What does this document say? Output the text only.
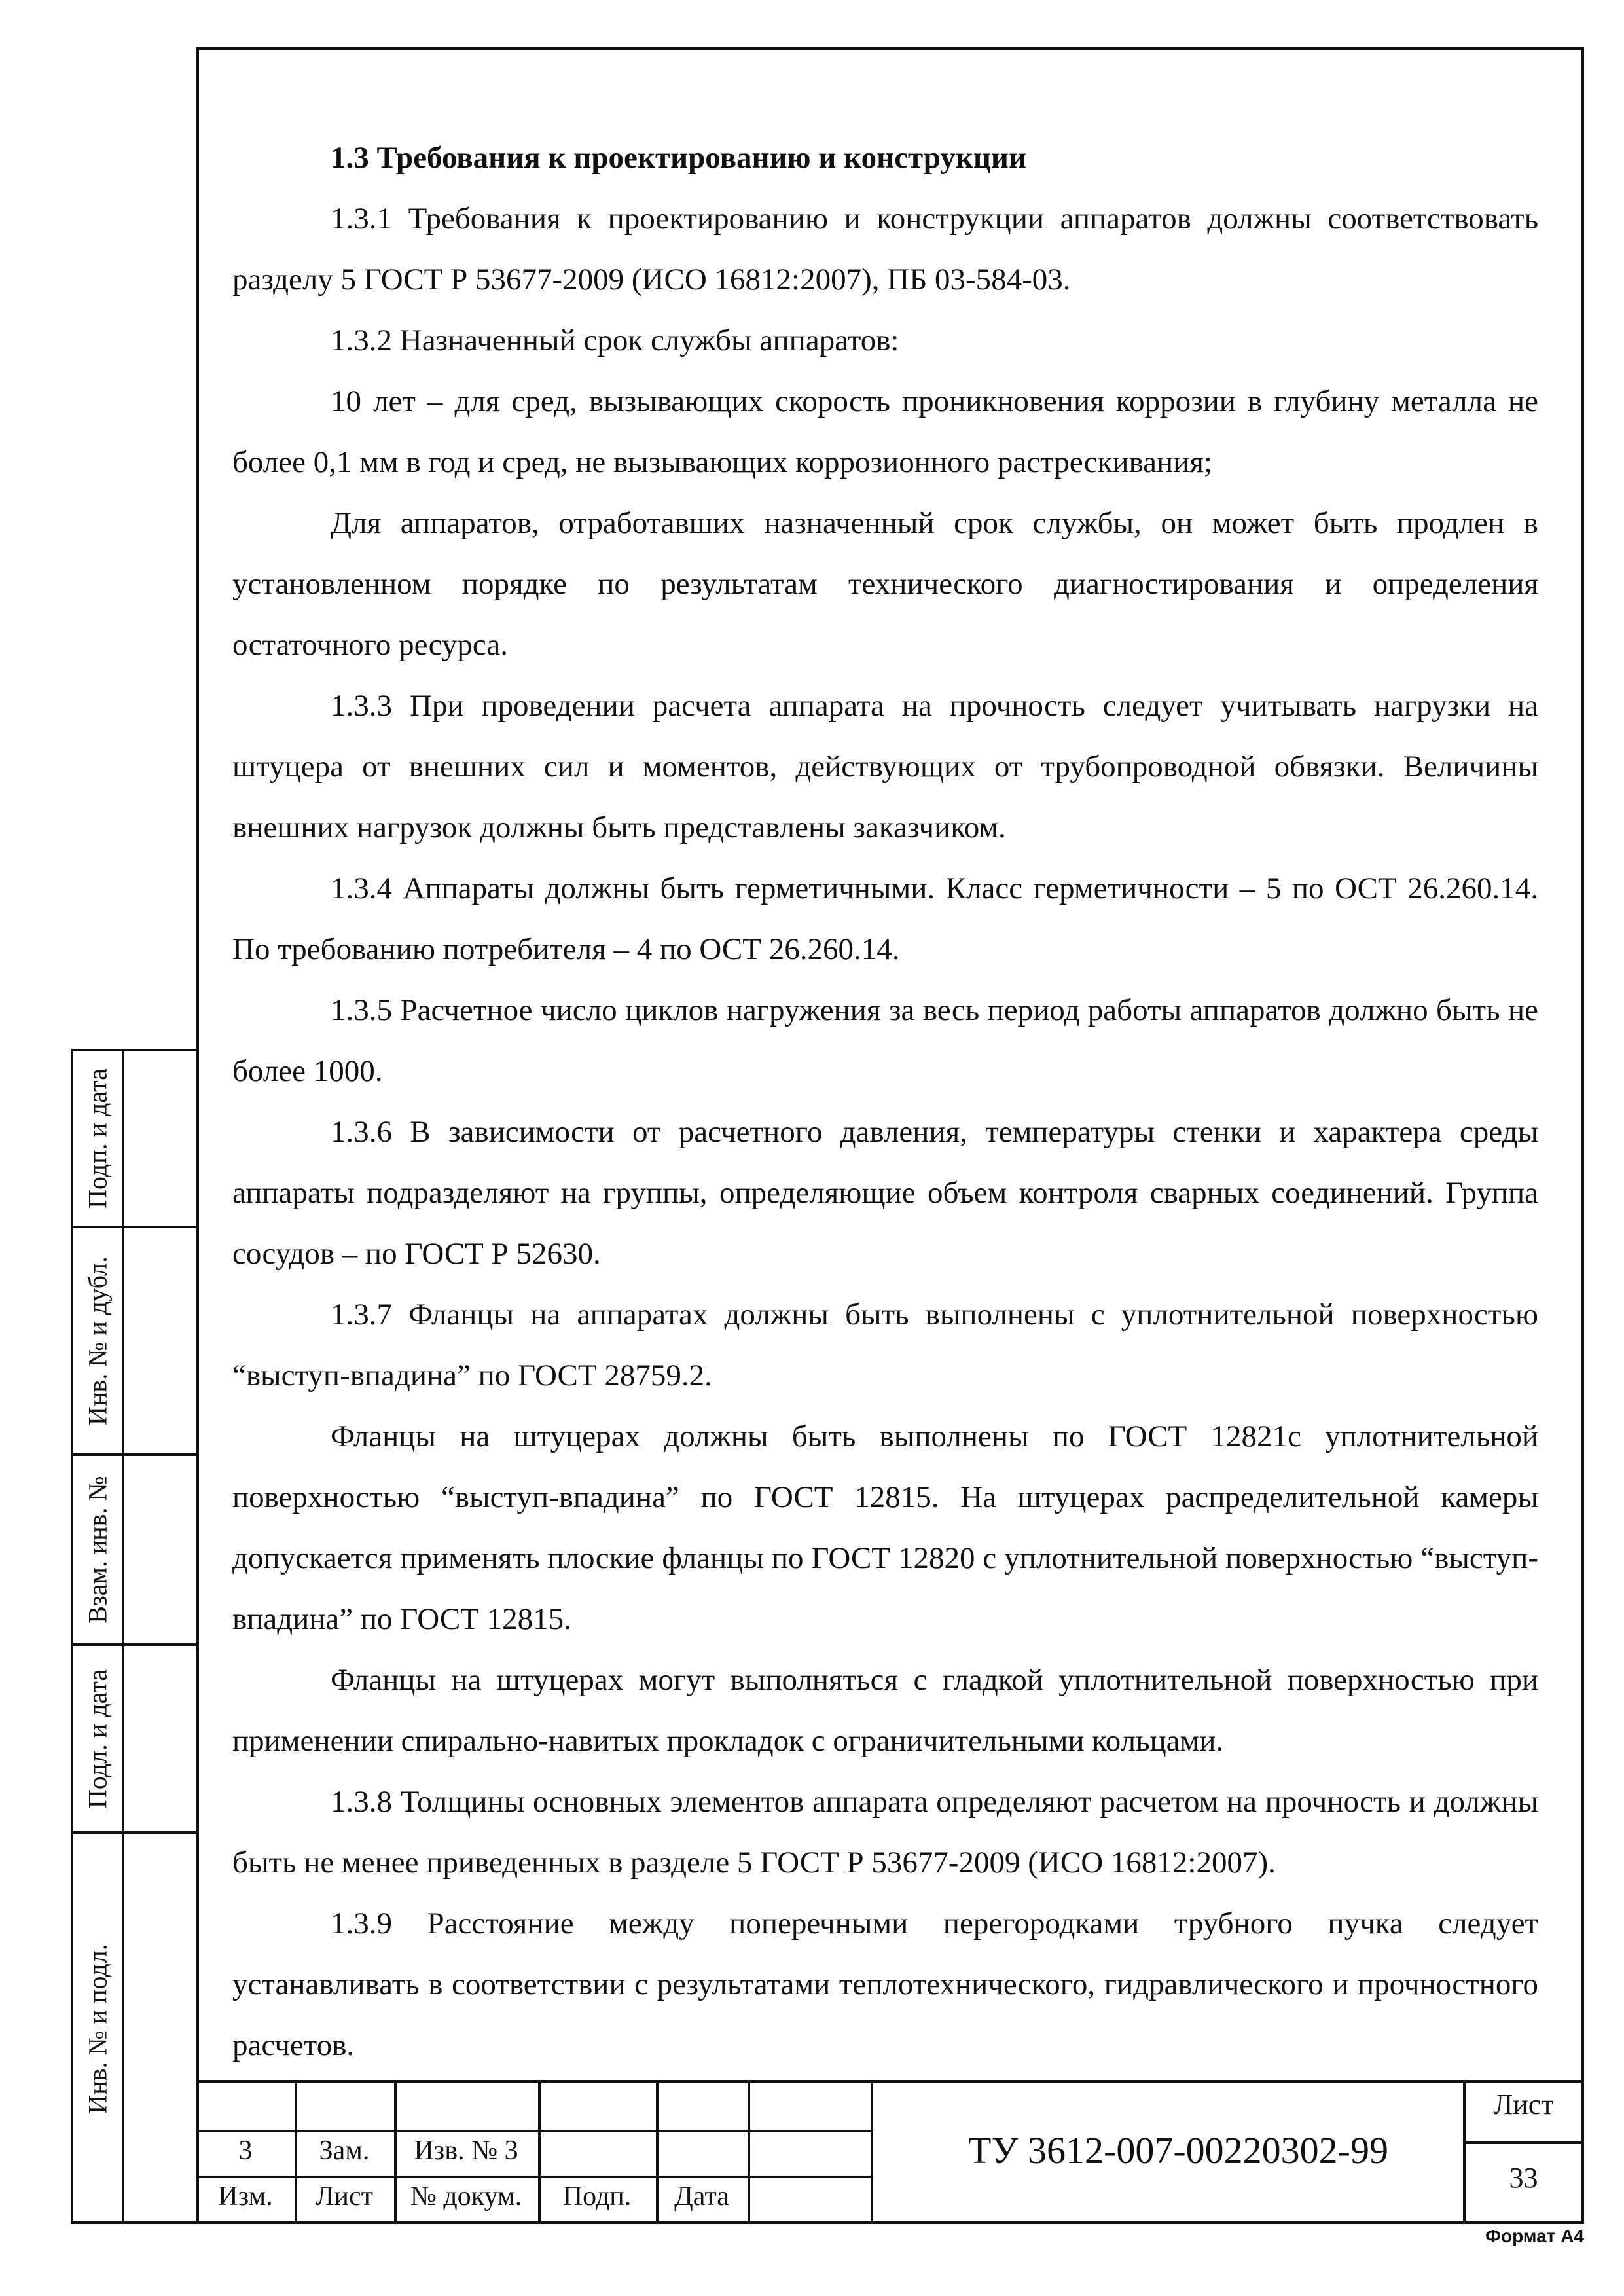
1.3 Требования к проектированию и конструкции

1.3.1 Требования к проектированию и конструкции аппаратов должны соответствовать разделу 5 ГОСТ Р 53677-2009 (ИСО 16812:2007), ПБ 03-584-03.

1.3.2 Назначенный срок службы аппаратов:

10 лет – для сред, вызывающих скорость проникновения коррозии в глубину металла не более 0,1 мм в год и сред, не вызывающих коррозионного растрескивания;

Для аппаратов, отработавших назначенный срок службы, он может быть продлен в установленном порядке по результатам технического диагностирования и определения остаточного ресурса.

1.3.3 При проведении расчета аппарата на прочность следует учитывать нагрузки на штуцера от внешних сил и моментов, действующих от трубопроводной обвязки. Величины внешних нагрузок должны быть представлены заказчиком.

1.3.4 Аппараты должны быть герметичными. Класс герметичности – 5 по ОСТ 26.260.14. По требованию потребителя – 4 по ОСТ 26.260.14.

1.3.5 Расчетное число циклов нагружения за весь период работы аппаратов должно быть не более 1000.

1.3.6 В зависимости от расчетного давления, температуры стенки и характера среды аппараты подразделяют на группы, определяющие объем контроля сварных соединений. Группа сосудов – по ГОСТ Р 52630.

1.3.7 Фланцы на аппаратах должны быть выполнены с уплотнительной поверхностью “выступ-впадина” по ГОСТ 28759.2.

Фланцы на штуцерах должны быть выполнены по ГОСТ 12821с уплотнительной поверхностью “выступ-впадина” по ГОСТ 12815. На штуцерах распределительной камеры допускается применять плоские фланцы по ГОСТ 12820 с уплотнительной поверхностью “выступ-впадина” по ГОСТ 12815.

Фланцы на штуцерах могут выполняться с гладкой уплотнительной поверхностью при применении спирально-навитых прокладок с ограничительными кольцами.

1.3.8 Толщины основных элементов аппарата определяют расчетом на прочность и должны быть не менее приведенных в разделе 5 ГОСТ Р 53677-2009 (ИСО 16812:2007).

1.3.9 Расстояние между поперечными перегородками трубного пучка следует устанавливать в соответствии с результатами теплотехнического, гидравлического и прочностного расчетов.

Подп. и дата
Инв. № и дубл.
Взам. инв. №
Подл. и дата
Инв. № и подл.
3	Зам.	Изв. № 3
Изм.	Лист	№ докум.	Подп.	Дата
ТУ 3612-007-00220302-99
Лист
33
Формат А4
